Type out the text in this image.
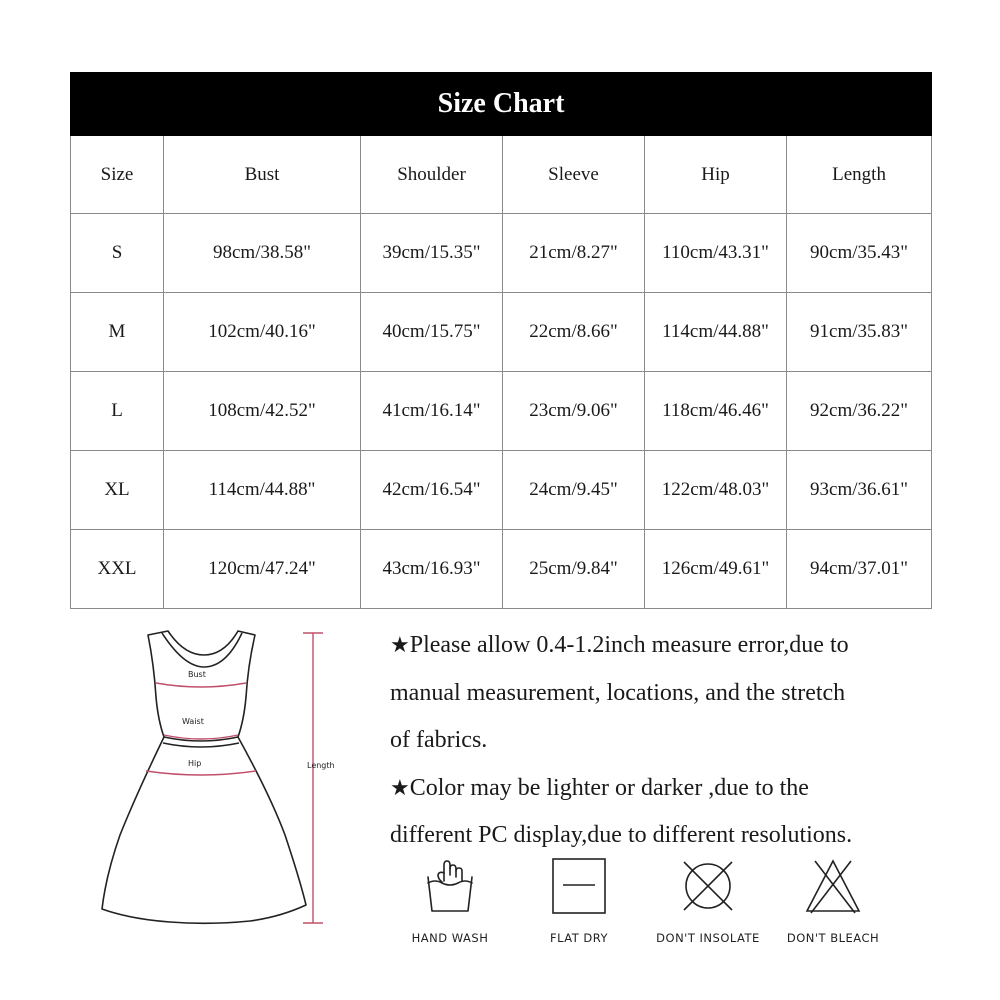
Size Chart					
Size	Bust	Shoulder	Sleeve	Hip	Length
S	98cm/38.58"	39cm/15.35"	21cm/8.27"	110cm/43.31"	90cm/35.43"
M	102cm/40.16"	40cm/15.75"	22cm/8.66"	114cm/44.88"	91cm/35.83"
L	108cm/42.52"	41cm/16.14"	23cm/9.06"	118cm/46.46"	92cm/36.22"
XL	114cm/44.88"	42cm/16.54"	24cm/9.45"	122cm/48.03"	93cm/36.61"
XXL	120cm/47.24"	43cm/16.93"	25cm/9.84"	126cm/49.61"	94cm/37.01"
Bust
Waist
Hip	Length

★Please allow 0.4-1.2inch measure error,due to

manual measurement, locations, and the stretch

of fabrics.

★Color may be lighter or darker ,due to the

different PC display,due to different resolutions.

HAND WASH	FLAT DRY	DON'T INSOLATE	DON'T BLEACH
